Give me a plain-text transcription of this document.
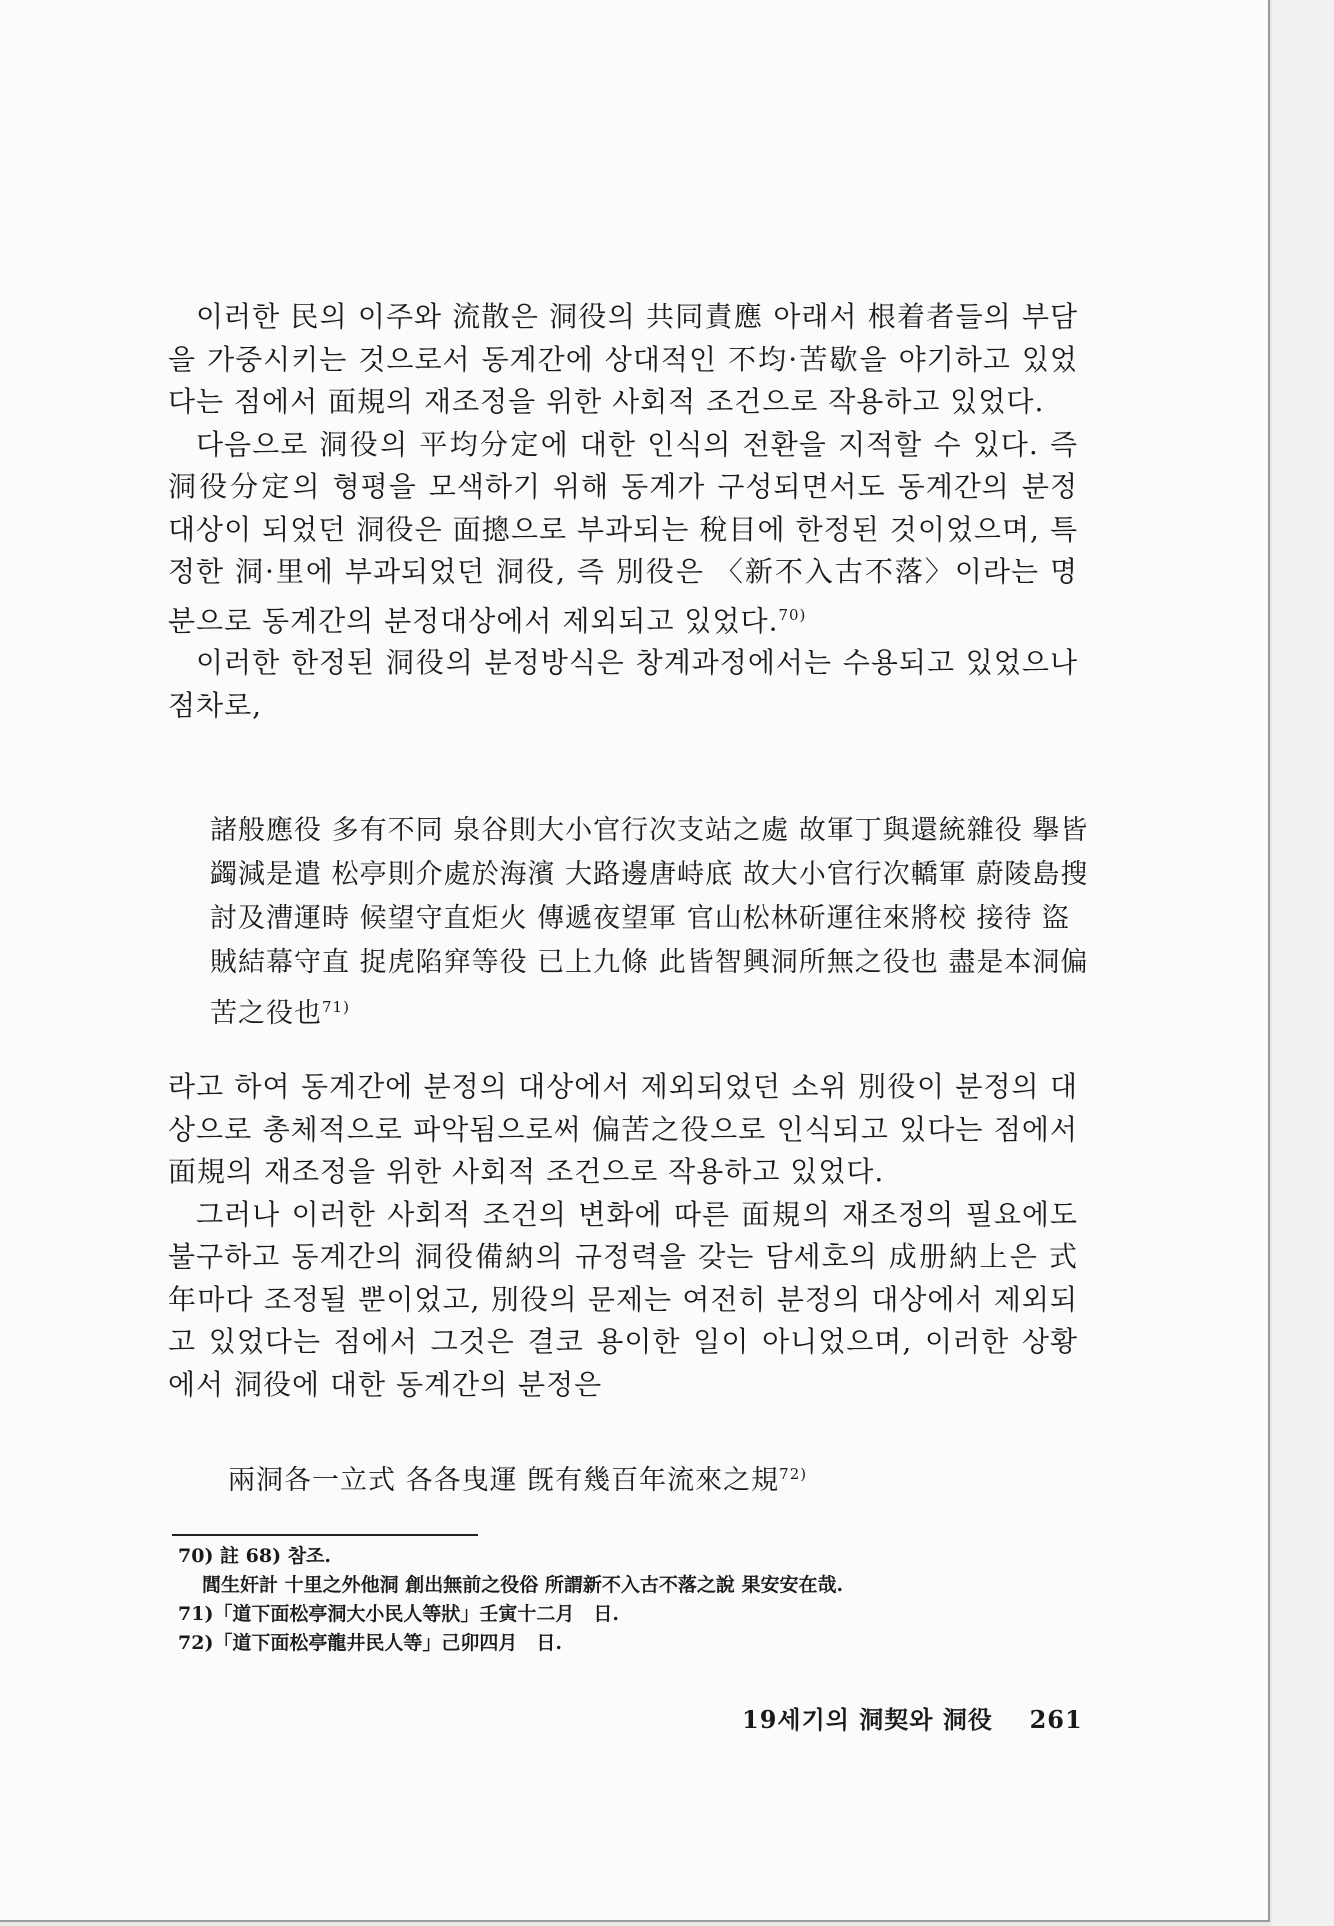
이러한 民의 이주와 流散은 洞役의 共同責應 아래서 根着者들의 부담을 가중시키는 것으로서 동계간에 상대적인 不均·苦歇을 야기하고 있었다는 점에서 面規의 재조정을 위한 사회적 조건으로 작용하고 있었다.

다음으로 洞役의 平均分定에 대한 인식의 전환을 지적할 수 있다. 즉 洞役分定의 형평을 모색하기 위해 동계가 구성되면서도 동계간의 분정대상이 되었던 洞役은 面摠으로 부과되는 稅目에 한정된 것이었으며, 특정한 洞·里에 부과되었던 洞役, 즉 別役은 〈新不入古不落〉이라는 명분으로 동계간의 분정대상에서 제외되고 있었다.$^{70)}$

이러한 한정된 洞役의 분정방식은 창계과정에서는 수용되고 있었으나 점차로,

諸般應役 多有不同 泉谷則大小官行次支站之處 故軍丁與還統雜役 擧皆蠲減是遣 松亭則介處於海濱 大路邊唐峙底 故大小官行次轎軍 蔚陵島搜討及漕運時 候望守直炬火 傳遞夜望軍 官山松林斫運往來將校 接待 盜賊結幕守直 捉虎陷穽等役 已上九條 此皆智興洞所無之役也 盡是本洞偏苦之役也$^{71)}$

라고 하여 동계간에 분정의 대상에서 제외되었던 소위 別役이 분정의 대상으로 총체적으로 파악됨으로써 偏苦之役으로 인식되고 있다는 점에서 面規의 재조정을 위한 사회적 조건으로 작용하고 있었다.

그러나 이러한 사회적 조건의 변화에 따른 面規의 재조정의 필요에도 불구하고 동계간의 洞役備納의 규정력을 갖는 담세호의 成册納上은 式年마다 조정될 뿐이었고, 別役의 문제는 여전히 분정의 대상에서 제외되고 있었다는 점에서 그것은 결코 용이한 일이 아니었으며, 이러한 상황에서 洞役에 대한 동계간의 분정은

兩洞各一立式 各各曳運 旣有幾百年流來之規$^{72)}$

70) 註 68) 참조.

閭生奸計 十里之外他洞 創出無前之役俗 所謂新不入古不落之說 果安安在哉.

71)「道下面松亭洞大小民人等狀」壬寅十二月　日.

72)「道下面松亭龍井民人等」己卯四月　日.

19세기의 洞契와 洞役 261
